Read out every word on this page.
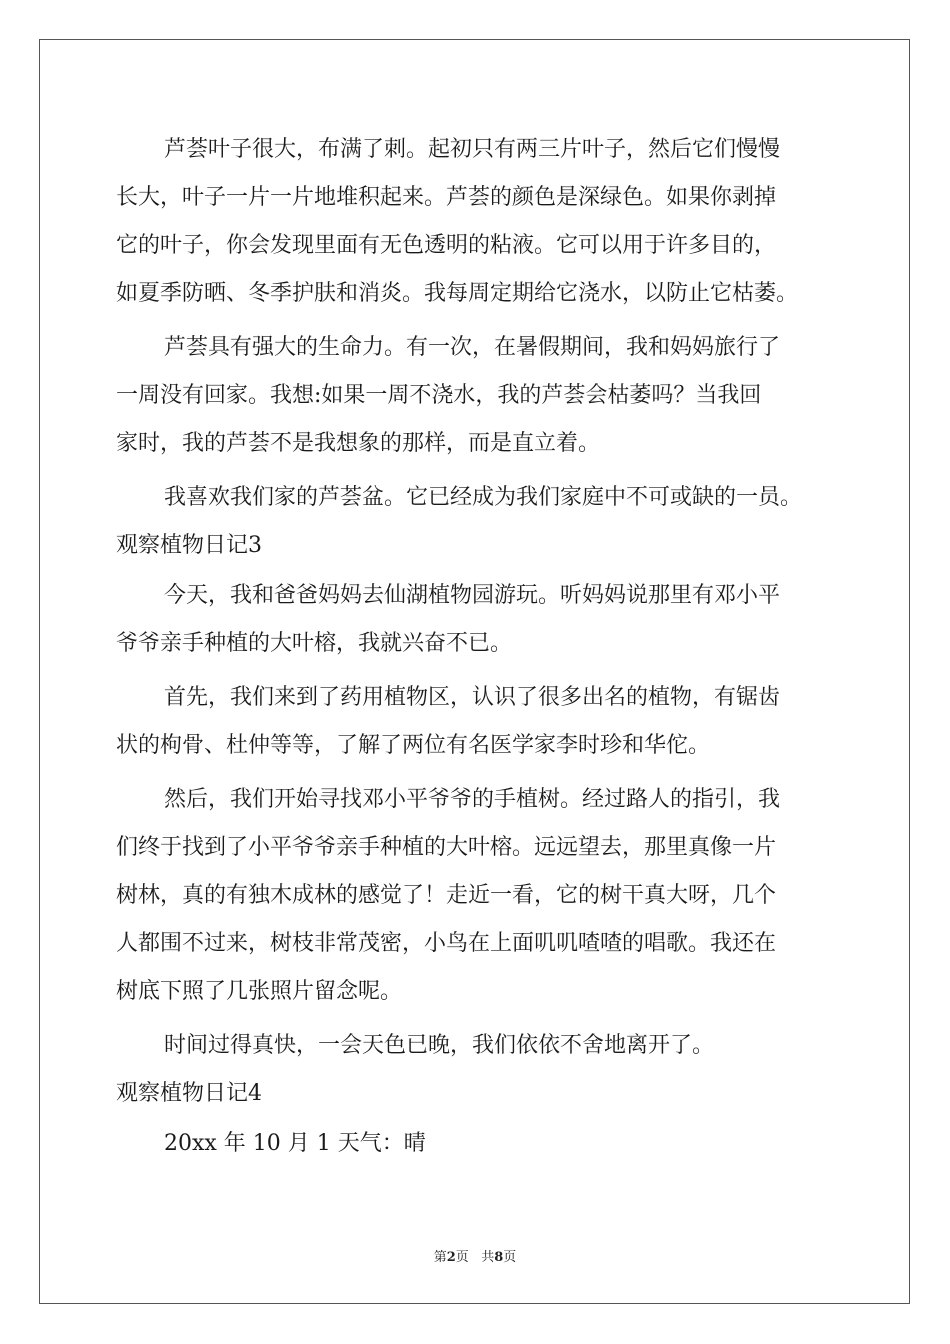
芦荟叶子很大，布满了刺。起初只有两三片叶子，然后它们慢慢
长大，叶子一片一片地堆积起来。芦荟的颜色是深绿色。如果你剥掉
它的叶子，你会发现里面有无色透明的粘液。它可以用于许多目的，
如夏季防晒、冬季护肤和消炎。我每周定期给它浇水，以防止它枯萎。
芦荟具有强大的生命力。有一次，在暑假期间，我和妈妈旅行了
一周没有回家。我想:如果一周不浇水，我的芦荟会枯萎吗？当我回
家时，我的芦荟不是我想象的那样，而是直立着。
我喜欢我们家的芦荟盆。它已经成为我们家庭中不可或缺的一员。
观察植物日记3
今天，我和爸爸妈妈去仙湖植物园游玩。听妈妈说那里有邓小平
爷爷亲手种植的大叶榕，我就兴奋不已。
首先，我们来到了药用植物区，认识了很多出名的植物，有锯齿
状的枸骨、杜仲等等，了解了两位有名医学家李时珍和华佗。
然后，我们开始寻找邓小平爷爷的手植树。经过路人的指引，我
们终于找到了小平爷爷亲手种植的大叶榕。远远望去，那里真像一片
树林，真的有独木成林的感觉了！走近一看，它的树干真大呀，几个
人都围不过来，树枝非常茂密，小鸟在上面叽叽喳喳的唱歌。我还在
树底下照了几张照片留念呢。
时间过得真快，一会天色已晚，我们依依不舍地离开了。
观察植物日记4
20xx 年 10 月 1 天气：晴
第2页 共8页
